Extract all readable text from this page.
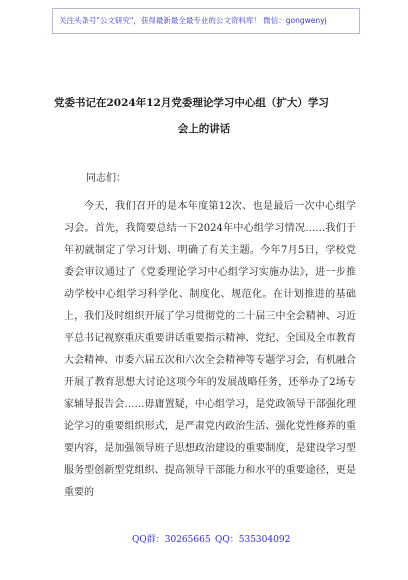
关注头条号"公文研究"，获得最新最全最专业的公文资料库！ 微信：gongwenyj
党委书记在2024年12月党委理论学习中心组（扩大）学习
会上的讲话
同志们：

今天，我们召开的是本年度第12次、也是最后一次中心组学习会。首先，我简要总结一下2024年中心组学习情况……我们于年初就制定了学习计划、明确了有关主题。今年7月5日，学校党委会审议通过了《党委理论学习中心组学习实施办法》，进一步推动学校中心组学习科学化、制度化、规范化。在计划推进的基础上，我们及时组织开展了学习贯彻党的二十届三中全会精神、习近平总书记视察重庆重要讲话重要指示精神、党纪、全国及全市教育大会精神、市委六届五次和六次全会精神等专题学习会，有机融合开展了教育思想大讨论这项今年的发展战略任务，还举办了2场专家辅导报告会……毋庸置疑，中心组学习，是党政领导干部强化理论学习的重要组织形式，是严肃党内政治生活、强化党性修养的重要内容，是加强领导班子思想政治建设的重要制度，是建设学习型服务型创新型党组织、提高领导干部能力和水平的重要途径，更是重要的

QQ群：30265665 QQ：535304092
